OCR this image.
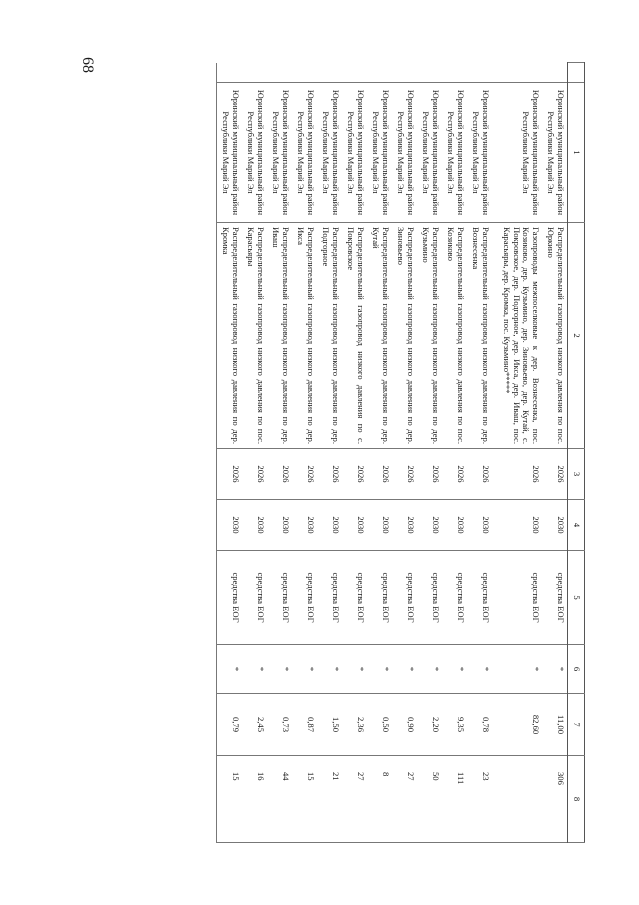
68
	1	2	3	4	5	6	7	8
	Юринский муниципальный район Республики Марий Эл	Распределительный газопровод низкого давления по пос. Юркино	2026	2030	средства ЕОГ	*	11,00	306
	Юринский муниципальный район Республики Марий Эл	Газопроводы межпоселковые к дер. Вознесенка, пос. Козиково, дер. Кузьмино, дер. Зиновьево, дер. Кутай, с. Покровское, дер. Подгорное, дер. Икса, дер. Иваш, пос. Карасьяры, дер. Кромка, пос. Кузьмино*****	2026	2030	средства ЕОГ	*	82,60	
	Юринский муниципальный район Республики Марий Эл	Распределительный газопровод низкого давления по дер. Вознесенка	2026	2030	средства ЕОГ	*	0,78	23
	Юринский муниципальный район Республики Марий Эл	Распределительный газопровод низкого давления по пос. Козиково	2026	2030	средства ЕОГ	*	9,35	111
	Юринский муниципальный район Республики Марий Эл	Распределительный газопровод низкого давления по дер. Кузьмино	2026	2030	средства ЕОГ	*	2,20	50
	Юринский муниципальный район Республики Марий Эл	Распределительный газопровод низкого давления по дер. Зиновьево	2026	2030	средства ЕОГ	*	0,90	27
	Юринский муниципальный район Республики Марий Эл	Распределительный газопровод низкого давления по дер. Кутай	2026	2030	средства ЕОГ	*	0,50	8
	Юринский муниципальный район Республики Марий Эл	Распределительный газопровод низкого давления по с. Покровское	2026	2030	средства ЕОГ	*	2,36	27
	Юринский муниципальный район Республики Марий Эл	Распределительный газопровод низкого давления по дер. Подгорное	2026	2030	средства ЕОГ	*	1,50	21
	Юринский муниципальный район Республики Марий Эл	Распределительный газопровод низкого давления по дер. Икса	2026	2030	средства ЕОГ	*	0,87	15
	Юринский муниципальный район Республики Марий Эл	Распределительный газопровод низкого давления по дер. Иваш	2026	2030	средства ЕОГ	*	0,73	44
	Юринский муниципальный район Республики Марий Эл	Распределительный газопровод низкого давления по пос. Карасьяры	2026	2030	средства ЕОГ	*	2,45	16
	Юринский муниципальный район Республики Марий Эл	Распределительный газопровод низкого давления по дер. Кромка	2026	2030	средства ЕОГ	*	0,79	15
